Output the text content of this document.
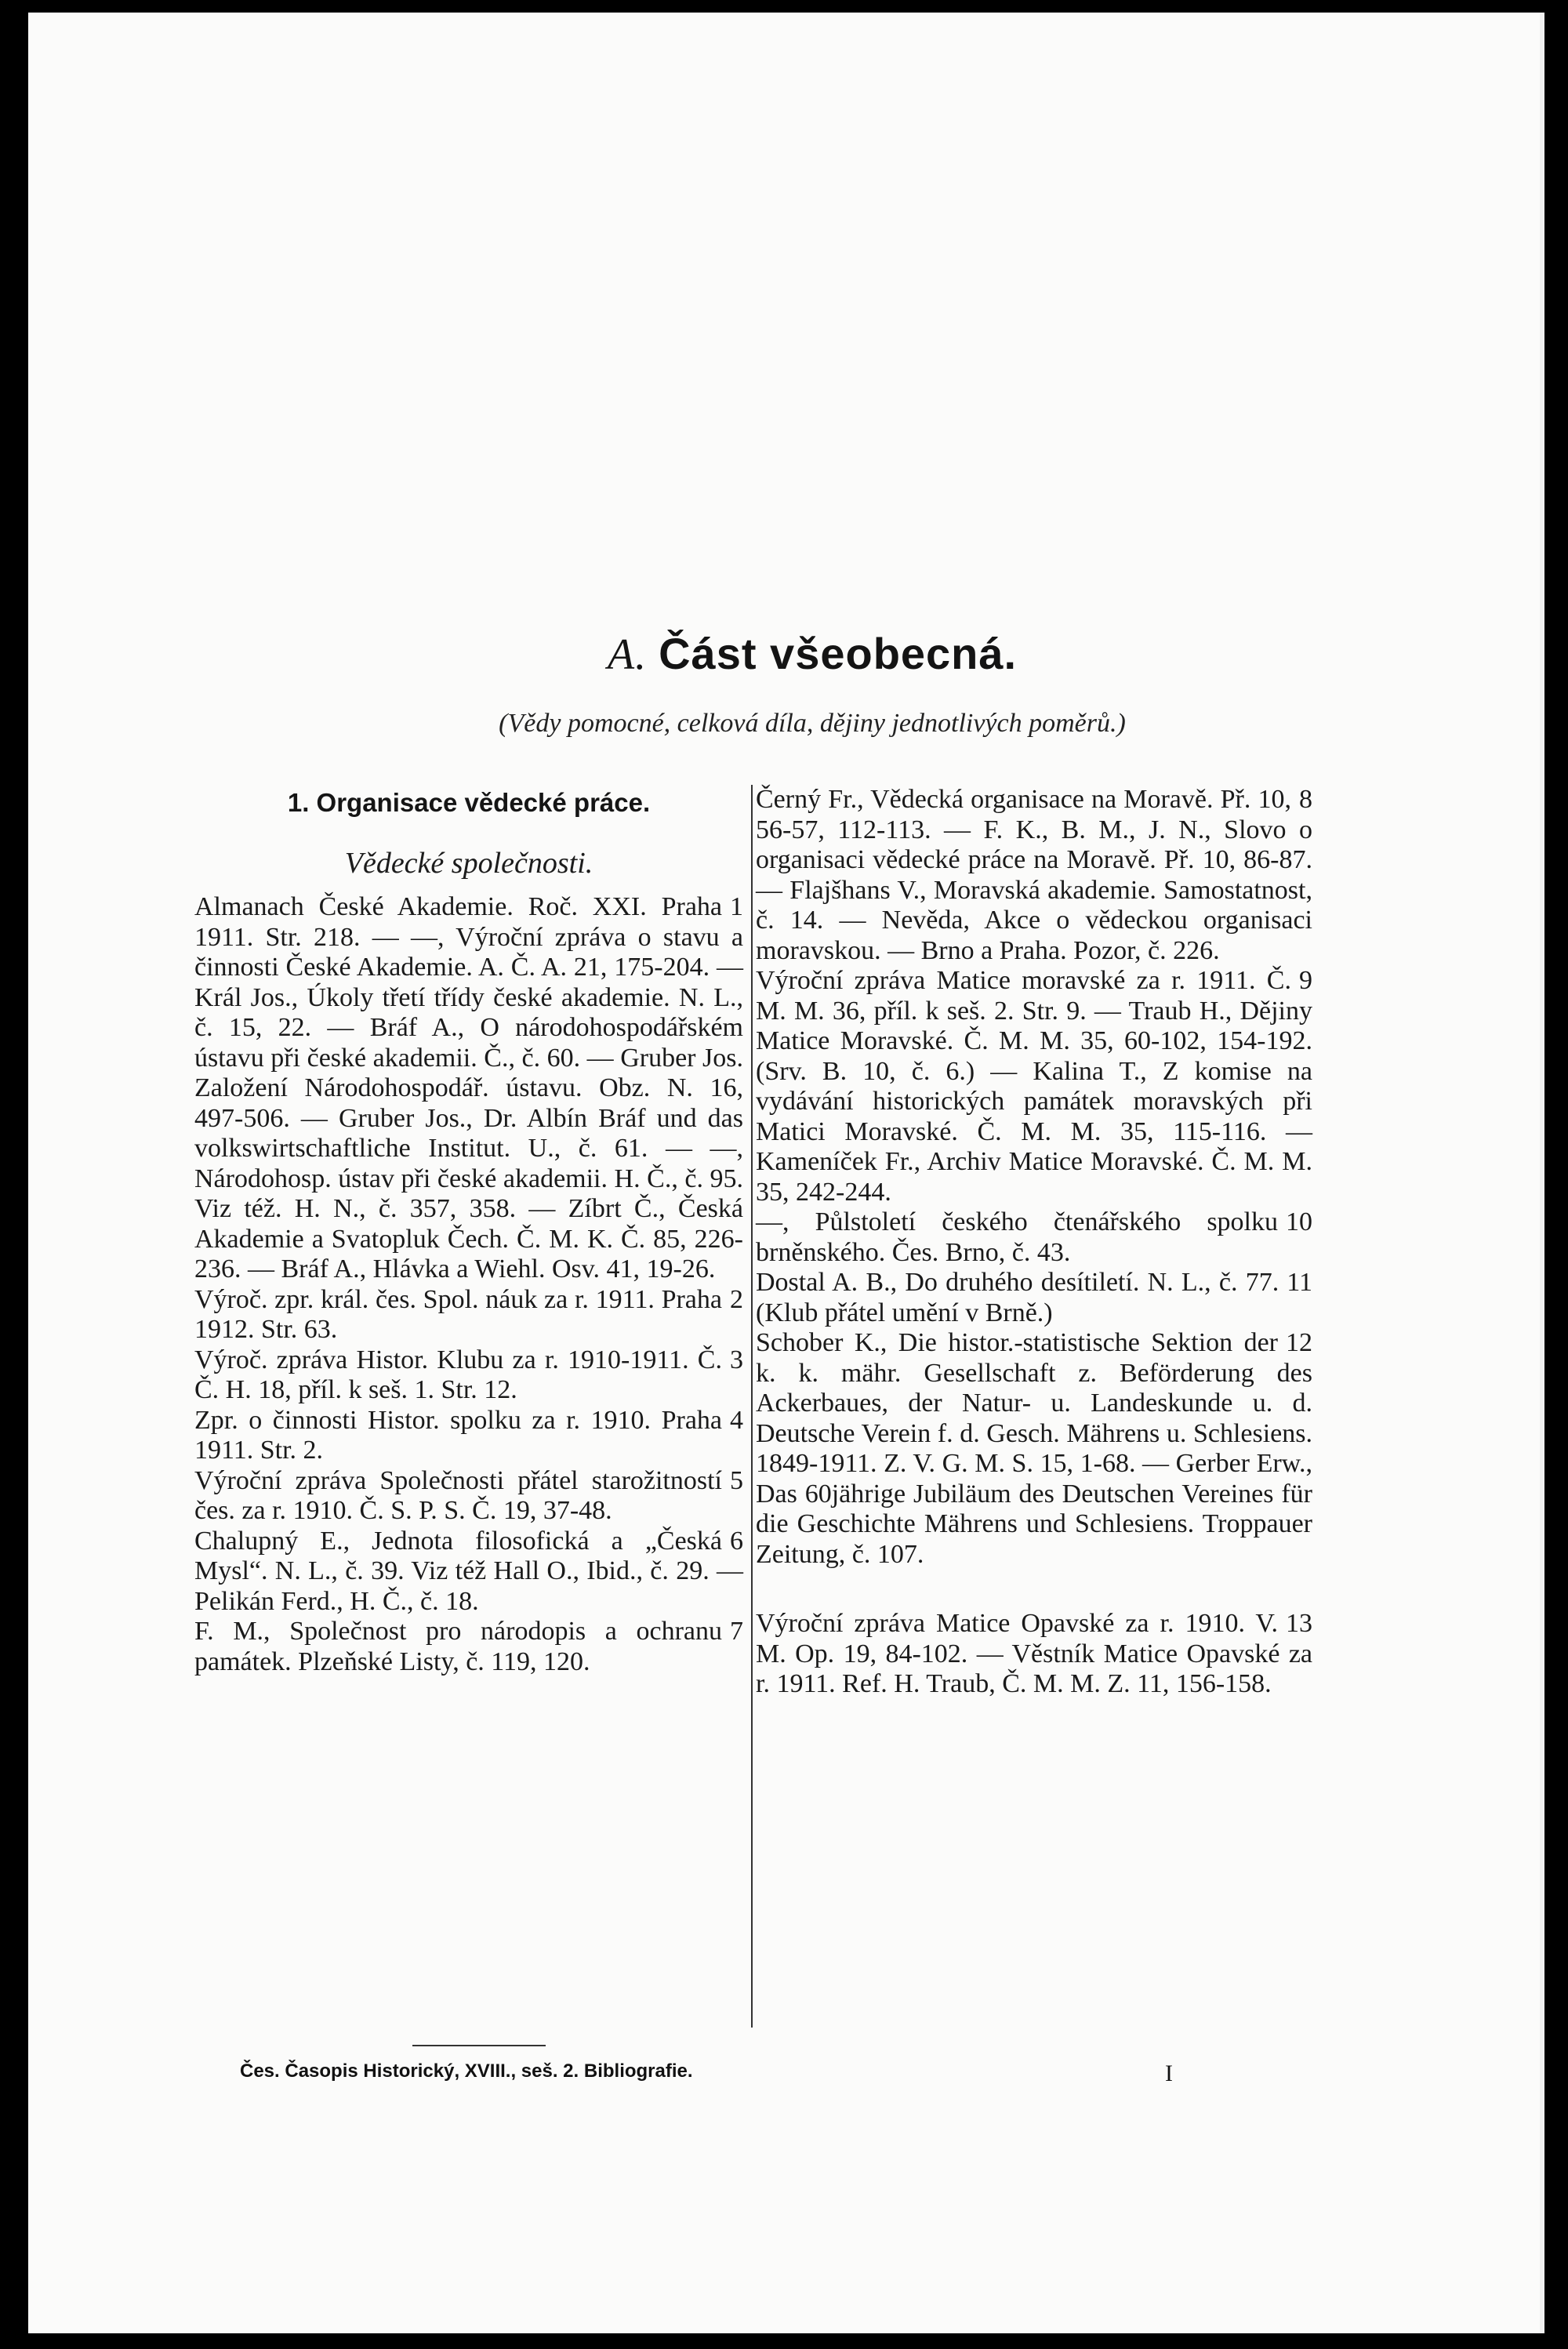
A. Část všeobecná.
(Vědy pomocné, celková díla, dějiny jednotlivých poměrů.)
1. Organisace vědecké práce.
Vědecké společnosti.

1
Almanach České Akademie. Roč. XXI. Praha 1911. Str. 218. — —, Výroční zpráva o stavu a činnosti České Akademie. A. Č. A. 21, 175-204. — Král Jos., Úkoly třetí třídy české akademie. N. L., č. 15, 22. — Bráf A., O národohospodářském ústavu při české akademii. Č., č. 60. — Gruber Jos. Založení Národohospodář. ústavu. Obz. N. 16, 497-506. — Gruber Jos., Dr. Albín Bráf und das volkswirtschaftliche Institut. U., č. 61. — —, Národohosp. ústav při české akademii. H. Č., č. 95. Viz též. H. N., č. 357, 358. — Zíbrt Č., Česká Akademie a Svatopluk Čech. Č. M. K. Č. 85, 226-236. — Bráf A., Hlávka a Wiehl. Osv. 41, 19-26.

2
Výroč. zpr. král. čes. Spol. náuk za r. 1911. Praha 1912. Str. 63.

3
Výroč. zpráva Histor. Klubu za r. 1910-1911. Č. Č. H. 18, příl. k seš. 1. Str. 12.

4
Zpr. o činnosti Histor. spolku za r. 1910. Praha 1911. Str. 2.

5
Výroční zpráva Společnosti přátel starožitností čes. za r. 1910. Č. S. P. S. Č. 19, 37-48.

6
Chalupný E., Jednota filosofická a „Česká Mysl“. N. L., č. 39. Viz též Hall O., Ibid., č. 29. — Pelikán Ferd., H. Č., č. 18.

7
F. M., Společnost pro národopis a ochranu památek. Plzeňské Listy, č. 119, 120.

8
Černý Fr., Vědecká organisace na Moravě. Př. 10, 56-57, 112-113. — F. K., B. M., J. N., Slovo o organisaci vědecké práce na Moravě. Př. 10, 86-87. — Flajšhans V., Moravská akademie. Samostatnost, č. 14. — Nevěda, Akce o vědeckou organisaci moravskou. — Brno a Praha. Pozor, č. 226.

9
Výroční zpráva Matice moravské za r. 1911. Č. M. M. 36, příl. k seš. 2. Str. 9. — Traub H., Dějiny Matice Moravské. Č. M. M. 35, 60-102, 154-192. (Srv. B. 10, č. 6.) — Kalina T., Z komise na vydávání historických památek moravských při Matici Moravské. Č. M. M. 35, 115-116. — Kameníček Fr., Archiv Matice Moravské. Č. M. M. 35, 242-244.

10
—, Půlstoletí českého čtenářského spolku brněnského. Čes. Brno, č. 43.

11
Dostal A. B., Do druhého desítiletí. N. L., č. 77. (Klub přátel umění v Brně.)

12
Schober K., Die histor.-statistische Sektion der k. k. mähr. Gesellschaft z. Beförderung des Ackerbaues, der Natur- u. Landeskunde u. d. Deutsche Verein f. d. Gesch. Mährens u. Schlesiens. 1849-1911. Z. V. G. M. S. 15, 1-68. — Gerber Erw., Das 60jährige Jubiläum des Deutschen Vereines für die Geschichte Mährens und Schlesiens. Troppauer Zeitung, č. 107.

13
Výroční zpráva Matice Opavské za r. 1910. V. M. Op. 19, 84-102. — Věstník Matice Opavské za r. 1911. Ref. H. Traub, Č. M. M. Z. 11, 156-158.

Čes. Časopis Historický, XVIII., seš. 2. Bibliografie.	I
